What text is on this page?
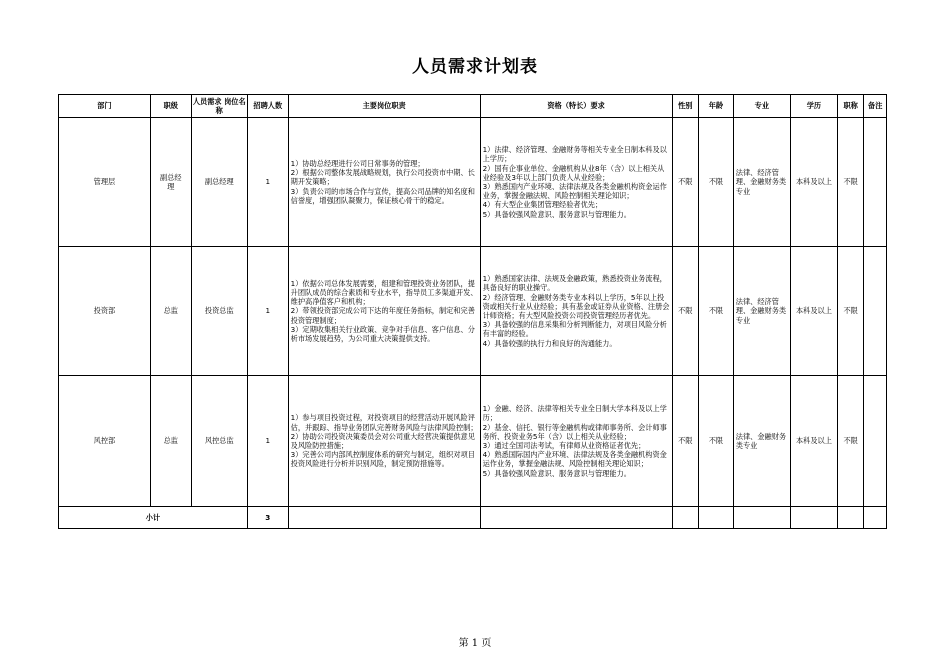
人员需求计划表
部门	职级	人员需求 岗位名称	招聘人数	主要岗位职责	资格（特长）要求	性别	年龄	专业	学历	职称	备注
管理层	副总经
理	副总经理	1	1）协助总经理进行公司日常事务的管理；
2）根据公司整体发展战略规划，执行公司投资市中期、长期开发策略；
3）负责公司的市场合作与宣传，提高公司品牌的知名度和信誉度，增强团队凝聚力，保证核心骨干的稳定。	1）法律、经济管理、金融财务等相关专业全日制本科及以上学历；
2）国有企事业单位、金融机构从业8年（含）以上相关从业经验及3年以上部门负责人从业经验；
3）熟悉国内产业环境、法律法规及各类金融机构资金运作业务，掌握金融法规、风险控制相关理论知识；
4）有大型企业集团管理经验者优先；
5）具备较强风险意识、服务意识与管理能力。	不限	不限	法律、经济管理、金融财务类专业	本科及以上	不限	
投资部	总监	投资总监	1	1）依据公司总体发展需要，组建和管理投资业务团队，提升团队成员的综合素质和专业水平，指导员工多渠道开发、维护高净值客户和机构；
2）带领投资部完成公司下达的年度任务指标，制定和完善投资管理制度；
3）定期收集相关行业政策、竞争对手信息、客户信息、分析市场发展趋势，为公司重大决策提供支持。	1）熟悉国家法律、法规及金融政策，熟悉投资业务流程，具备良好的职业操守。
2）经济管理、金融财务类专业本科以上学历，5年以上投资或相关行业从业经验；具有基金或证券从业资格、注册会计师资格；有大型风险投资公司投资管理经历者优先。
3）具备较强的信息采集和分析判断能力，对项目风险分析有丰富的经验。
4）具备较强的执行力和良好的沟通能力。	不限	不限	法律、经济管理、金融财务类专业	本科及以上	不限	
风控部	总监	风控总监	1	1）参与项目投资过程，对投资项目的经营活动开展风险评估，并跟踪、指导业务团队完善财务风险与法律风险控制；
2）协助公司投资决策委员会对公司重大经营决策提供意见及风险防控措施；
3）完善公司内部风控制度体系的研究与制定，组织对项目投资风险进行分析并识别风险，制定预防措施等。	1）金融、经济、法律等相关专业全日制大学本科及以上学历；
2）基金、信托、银行等金融机构或律师事务所、会计师事务所、投资业务5年（含）以上相关从业经验；
3）通过全国司法考试，有律师从业资格证者优先；
4）熟悉国际国内产业环境、法律法规及各类金融机构资金运作业务，掌握金融法规、风险控制相关理论知识；
5）具备较强风险意识、服务意识与管理能力。	不限	不限	法律、金融财务类专业	本科及以上	不限	
小计			3								
第 1 页
